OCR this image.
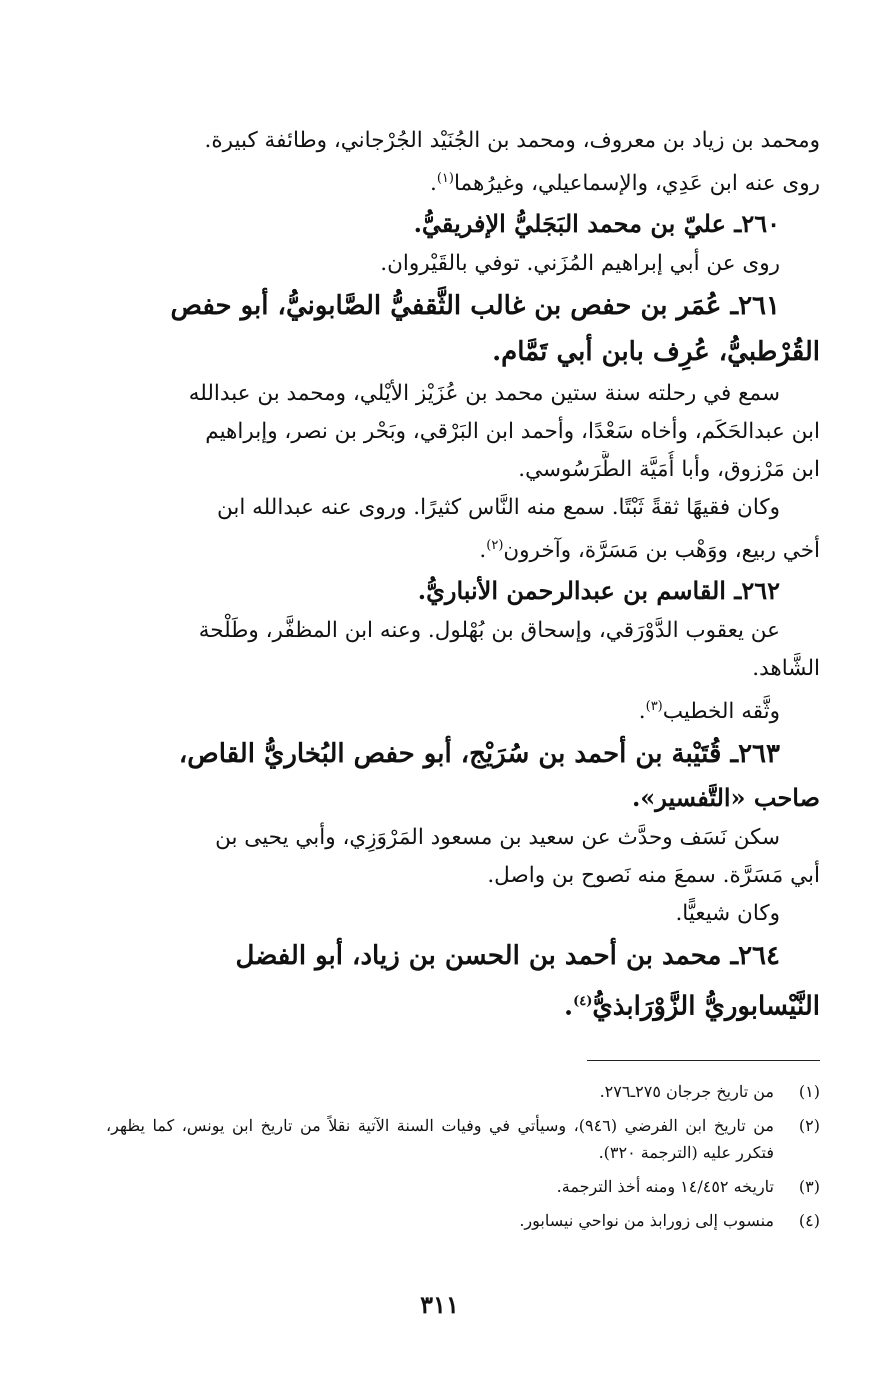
ومحمد بن زياد بن معروف، ومحمد بن الجُنَيْد الجُرْجاني، وطائفة كبيرة.

روى عنه ابن عَدِي، والإسماعيلي، وغيرُهما$^{(١)}$.

٢٦٠ـ عليّ بن محمد البَجَليُّ الإفريقيُّ.

روى عن أبي إبراهيم المُزَني. توفي بالقَيْروان.

٢٦١ـ عُمَر بن حفص بن غالب الثَّقفيُّ الصَّابونيُّ، أبو حفص

القُرْطبيُّ، عُرِف بابن أبي تَمَّام.

سمع في رحلته سنة ستين محمد بن عُزَيْز الأيْلي، ومحمد بن عبدالله

ابن عبدالحَكَم، وأخاه سَعْدًا، وأحمد ابن البَرْقي، وبَحْر بن نصر، وإبراهيم

ابن مَرْزوق، وأبا أُمَيَّة الطَّرَسُوسي.

وكان فقيهًا ثقةً ثَبْتًا. سمع منه النَّاس كثيرًا. وروى عنه عبدالله ابن

أخي ربيع، ووَهْب بن مَسَرَّة، وآخرون$^{(٢)}$.

٢٦٢ـ القاسم بن عبدالرحمن الأنباريُّ.

عن يعقوب الدَّوْرَقي، وإسحاق بن بُهْلول. وعنه ابن المظفَّر، وطَلْحة

الشَّاهد.

وثَّقه الخطيب$^{(٣)}$.

٢٦٣ـ قُتَيْبة بن أحمد بن سُرَيْج، أبو حفص البُخاريُّ القاص،

صاحب «التَّفسير».

سكن نَسَف وحدَّث عن سعيد بن مسعود المَرْوَزِي، وأبي يحيى بن

أبي مَسَرَّة. سمعَ منه نَصوح بن واصل.

وكان شيعيًّا.

٢٦٤ـ محمد بن أحمد بن الحسن بن زياد، أبو الفضل

النَّيْسابوريُّ الزَّوْرَابذيُّ$^{(٤)}$.

(١)
من تاريخ جرجان ٢٧٥ـ٢٧٦.
(٢)
من تاريخ ابن الفرضي (٩٤٦)، وسيأتي في وفيات السنة الآتية نقلاً من تاريخ ابن يونس، كما يظهر، فتكرر عليه (الترجمة ٣٢٠).
(٣)
تاريخه ١٤/٤٥٢ ومنه أخذ الترجمة.
(٤)
منسوب إلى زورابذ من نواحي نيسابور.
٣١١
